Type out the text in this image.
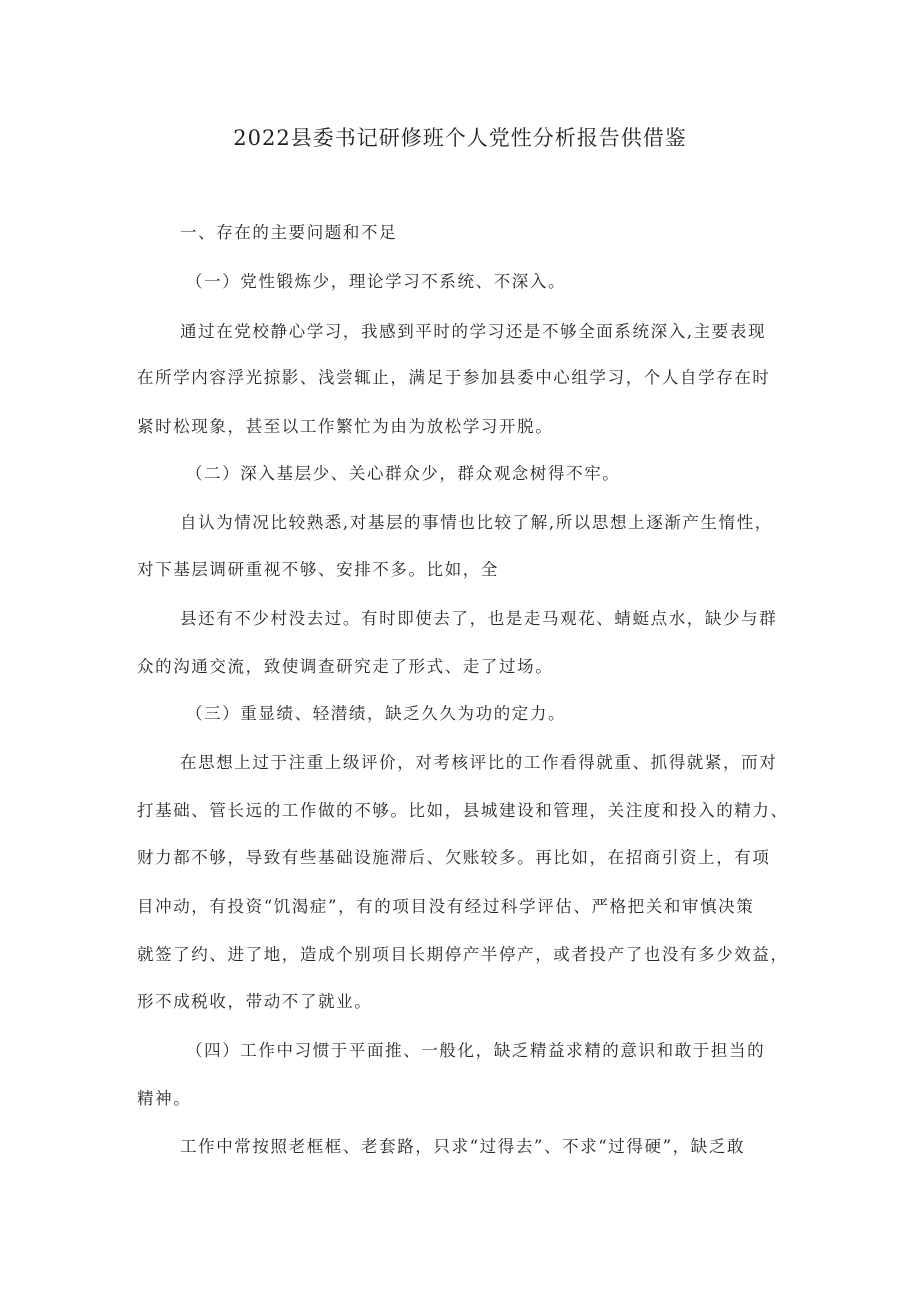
2022县委书记研修班个人党性分析报告供借鉴
一、存在的主要问题和不足
（一）党性锻炼少，理论学习不系统、不深入。
通过在党校静心学习，我感到平时的学习还是不够全面系统深入,主要表现
在所学内容浮光掠影、浅尝辄止，满足于参加县委中心组学习，个人自学存在时
紧时松现象，甚至以工作繁忙为由为放松学习开脱。
（二）深入基层少、关心群众少，群众观念树得不牢。
自认为情况比较熟悉,对基层的事情也比较了解,所以思想上逐渐产生惰性，
对下基层调研重视不够、安排不多。比如，全
县还有不少村没去过。有时即使去了，也是走马观花、蜻蜓点水，缺少与群
众的沟通交流，致使调查研究走了形式、走了过场。
（三）重显绩、轻潜绩，缺乏久久为功的定力。
在思想上过于注重上级评价，对考核评比的工作看得就重、抓得就紧，而对
打基础、管长远的工作做的不够。比如，县城建设和管理，关注度和投入的精力、
财力都不够，导致有些基础设施滞后、欠账较多。再比如，在招商引资上，有项
目冲动，有投资“饥渴症”，有的项目没有经过科学评估、严格把关和审慎决策
就签了约、进了地，造成个别项目长期停产半停产，或者投产了也没有多少效益，
形不成税收，带动不了就业。
（四）工作中习惯于平面推、一般化，缺乏精益求精的意识和敢于担当的
精神。
工作中常按照老框框、老套路，只求“过得去”、不求“过得硬”，缺乏敢
